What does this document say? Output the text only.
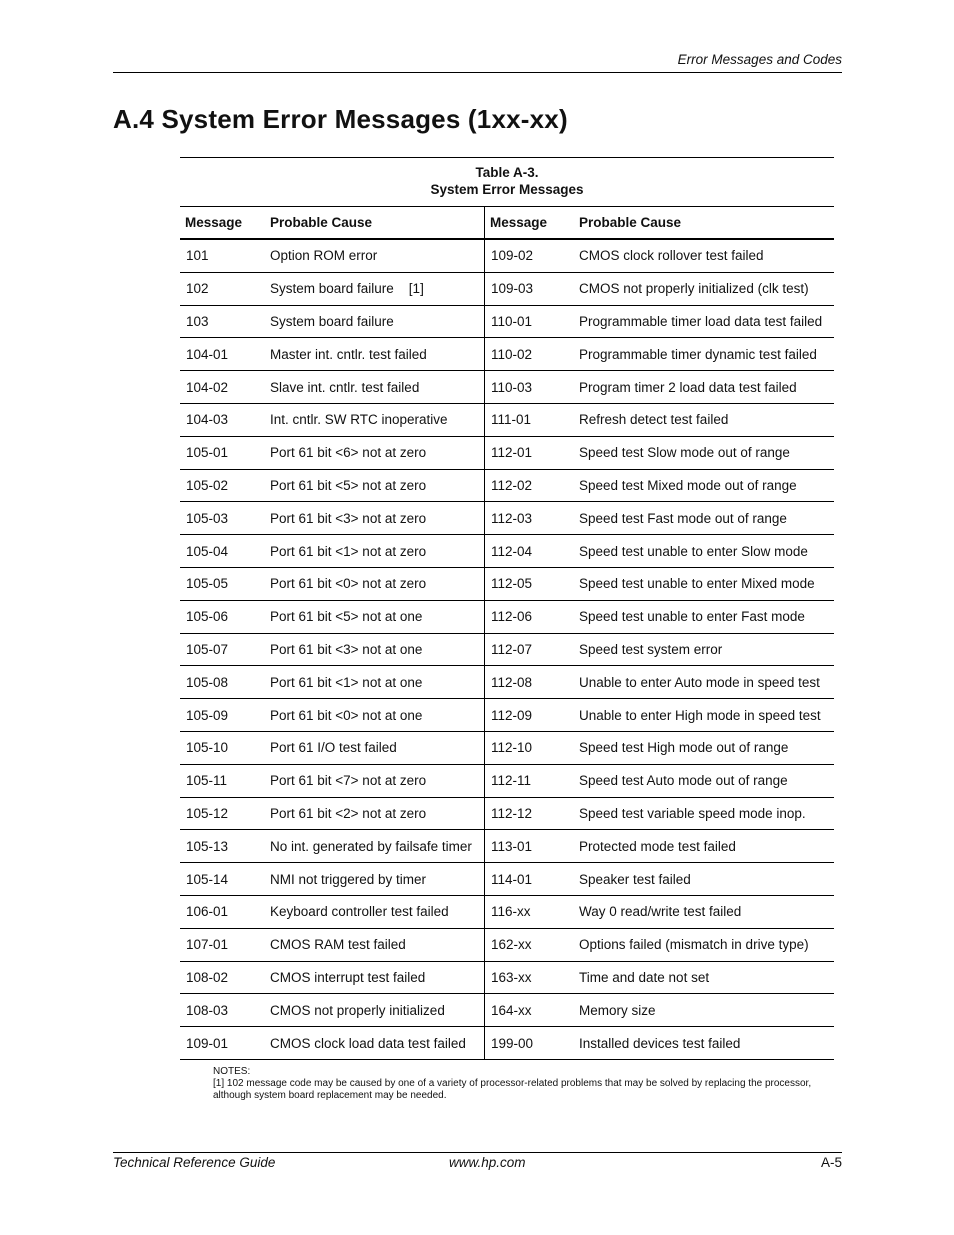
Error Messages and Codes
A.4 System Error Messages (1xx-xx)
Table A-3.
System Error Messages
Message	Probable Cause	Message	Probable Cause
101	Option ROM error	109-02	CMOS clock rollover test failed
102	System board failure    [1]	109-03	CMOS not properly initialized (clk test)
103	System board failure	110-01	Programmable timer load data test failed
104-01	Master int. cntlr. test failed	110-02	Programmable timer dynamic test failed
104-02	Slave int. cntlr. test failed	110-03	Program timer 2 load data test failed
104-03	Int. cntlr. SW RTC inoperative	111-01	Refresh detect test failed
105-01	Port 61 bit <6> not at zero	112-01	Speed test Slow mode out of range
105-02	Port 61 bit <5> not at zero	112-02	Speed test Mixed mode out of range
105-03	Port 61 bit <3> not at zero	112-03	Speed test Fast mode out of range
105-04	Port 61 bit <1> not at zero	112-04	Speed test unable to enter Slow mode
105-05	Port 61 bit <0> not at zero	112-05	Speed test unable to enter Mixed mode
105-06	Port 61 bit <5> not at one	112-06	Speed test unable to enter Fast mode
105-07	Port 61 bit <3> not at one	112-07	Speed test system error
105-08	Port 61 bit <1> not at one	112-08	Unable to enter Auto mode in speed test
105-09	Port 61 bit <0> not at one	112-09	Unable to enter High mode in speed test
105-10	Port 61 I/O test failed	112-10	Speed test High mode out of range
105-11	Port 61 bit <7> not at zero	112-11	Speed test Auto mode out of range
105-12	Port 61 bit <2> not at zero	112-12	Speed test variable speed mode inop.
105-13	No int. generated by failsafe timer	113-01	Protected mode test failed
105-14	NMI not triggered by timer	114-01	Speaker test failed
106-01	Keyboard controller test failed	116-xx	Way 0 read/write test failed
107-01	CMOS RAM test failed	162-xx	Options failed (mismatch in drive type)
108-02	CMOS interrupt test failed	163-xx	Time and date not set
108-03	CMOS not properly initialized	164-xx	Memory size
109-01	CMOS clock load data test failed	199-00	Installed devices test failed

NOTES:

[1] 102 message code may be caused by one of a variety of processor-related problems that may be solved by replacing the processor, although system board replacement may be needed.

Technical Reference Guide	www.hp.com	A-5
